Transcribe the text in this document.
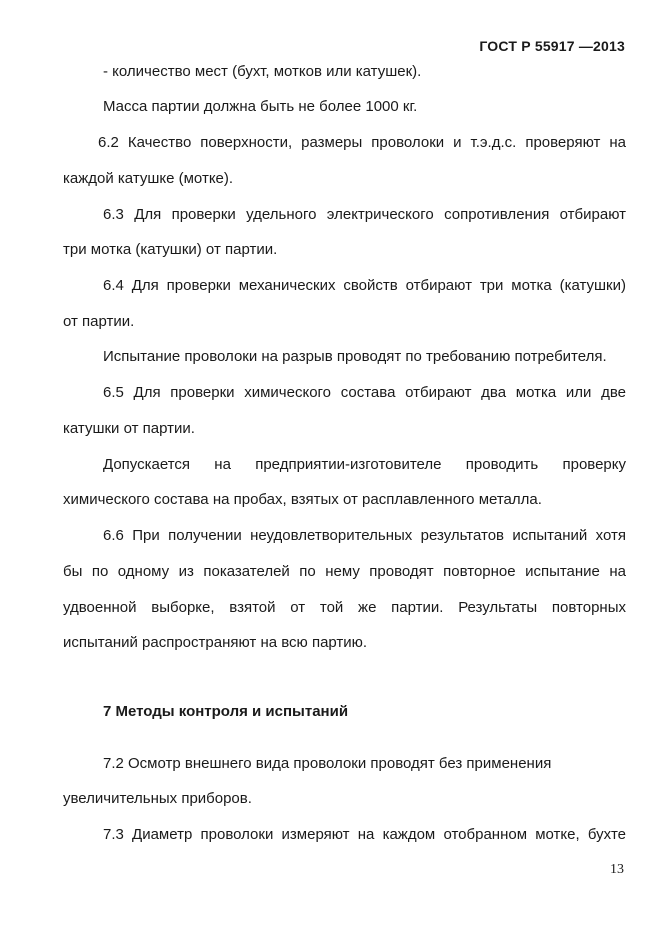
ГОСТ Р 55917 —2013
- количество мест (бухт, мотков или катушек).
Масса партии должна быть не более 1000 кг.
6.2 Качество поверхности, размеры проволоки и т.э.д.с. проверяют на
каждой катушке (мотке).
6.3 Для проверки удельного электрического сопротивления отбирают
три мотка (катушки) от партии.
6.4 Для проверки механических свойств отбирают три мотка (катушки)
от партии.
Испытание проволоки на разрыв проводят по требованию потребителя.
6.5 Для проверки химического состава отбирают два мотка или две
катушки от партии.
Допускается на предприятии-изготовителе проводить проверку
химического состава на пробах, взятых от расплавленного металла.
6.6 При получении неудовлетворительных результатов испытаний хотя
бы по одному из показателей по нему проводят повторное испытание на
удвоенной выборке, взятой от той же партии. Результаты повторных
испытаний распространяют на всю партию.
7 Методы контроля и испытаний
7.2 Осмотр внешнего вида проволоки проводят без применения
увеличительных приборов.
7.3 Диаметр проволоки измеряют на каждом отобранном мотке, бухте
13
